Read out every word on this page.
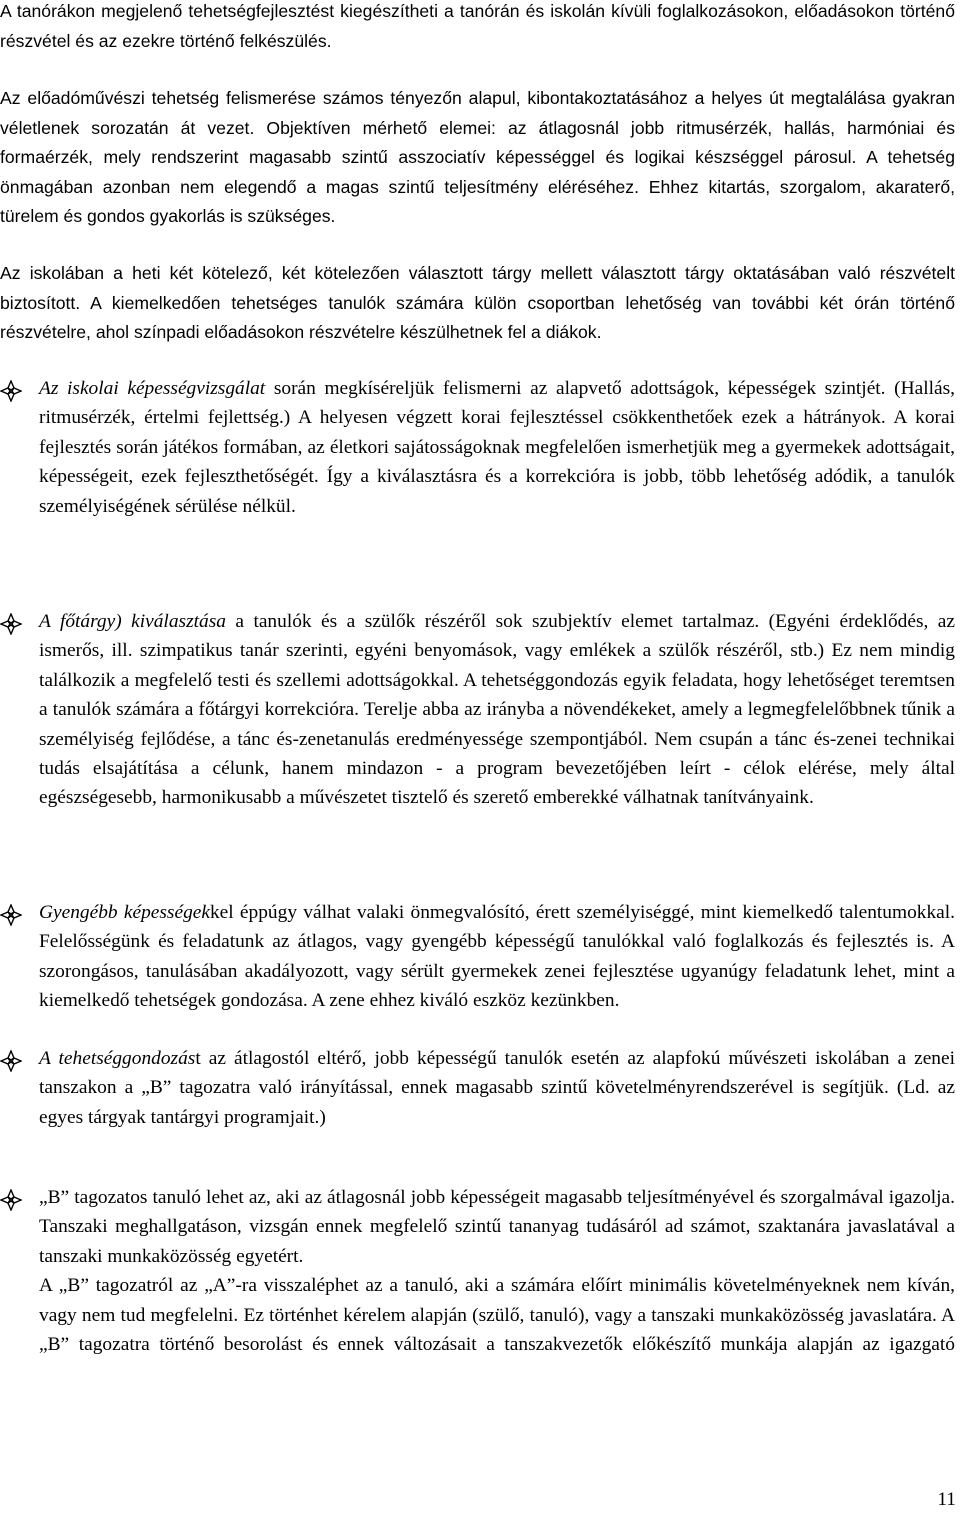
A tanórákon megjelenő tehetségfejlesztést kiegészítheti a tanórán és iskolán kívüli foglalkozásokon, előadásokon történő részvétel és az ezekre történő felkészülés.

Az előadóművészi tehetség felismerése számos tényezőn alapul, kibontakoztatásához a helyes út megtalálása gyakran véletlenek sorozatán át vezet. Objektíven mérhető elemei: az átlagosnál jobb ritmusérzék, hallás, harmóniai és formaérzék, mely rendszerint magasabb szintű asszociatív képességgel és logikai készséggel párosul. A tehetség önmagában azonban nem elegendő a magas szintű teljesítmény eléréséhez. Ehhez kitartás, szorgalom, akaraterő, türelem és gondos gyakorlás is szükséges.

Az iskolában a heti két kötelező, két kötelezően választott tárgy mellett választott tárgy oktatásában való részvételt biztosított. A kiemelkedően tehetséges tanulók számára külön csoportban lehetőség van további két órán történő részvételre, ahol színpadi előadásokon részvételre készülhetnek fel a diákok.

Az iskolai képességvizsgálat során megkíséreljük felismerni az alapvető adottságok, képességek szintjét. (Hallás, ritmusérzék, értelmi fejlettség.) A helyesen végzett korai fejlesztéssel csökkenthetőek ezek a hátrányok. A korai fejlesztés során játékos formában, az életkori sajátosságoknak megfelelően ismerhetjük meg a gyermekek adottságait, képességeit, ezek fejleszthetőségét. Így a kiválasztásra és a korrekcióra is jobb, több lehetőség adódik, a tanulók személyiségének sérülése nélkül.

A főtárgy) kiválasztása a tanulók és a szülők részéről sok szubjektív elemet tartalmaz. (Egyéni érdeklődés, az ismerős, ill. szimpatikus tanár szerinti, egyéni benyomások, vagy emlékek a szülők részéről, stb.) Ez nem mindig találkozik a megfelelő testi és szellemi adottságokkal. A tehetséggondozás egyik feladata, hogy lehetőséget teremtsen a tanulók számára a főtárgyi korrekcióra. Terelje abba az irányba a növendékeket, amely a legmegfelelőbbnek tűnik a személyiség fejlődése, a tánc és-zenetanulás eredményessége szempontjából. Nem csupán a tánc és-zenei technikai tudás elsajátítása a célunk, hanem mindazon - a program bevezetőjében leírt - célok elérése, mely által egészségesebb, harmonikusabb a művészetet tisztelő és szerető emberekké válhatnak tanítványaink.

Gyengébb képességekkel éppúgy válhat valaki önmegvalósító, érett személyiséggé, mint kiemelkedő talentumokkal. Felelősségünk és feladatunk az átlagos, vagy gyengébb képességű tanulókkal való foglalkozás és fejlesztés is. A szorongásos, tanulásában akadályozott, vagy sérült gyermekek zenei fejlesztése ugyanúgy feladatunk lehet, mint a kiemelkedő tehetségek gondozása. A zene ehhez kiváló eszköz kezünkben.

A tehetséggondozást az átlagostól eltérő, jobb képességű tanulók esetén az alapfokú művészeti iskolában a zenei tanszakon a „B” tagozatra való irányítással, ennek magasabb szintű követelményrendszerével is segítjük. (Ld. az egyes tárgyak tantárgyi programjait.)

„B” tagozatos tanuló lehet az, aki az átlagosnál jobb képességeit magasabb teljesítményével és szorgalmával igazolja. Tanszaki meghallgatáson, vizsgán ennek megfelelő szintű tananyag tudásáról ad számot, szaktanára javaslatával a tanszaki munkaközösség egyetért.

A „B” tagozatról az „A”-ra visszaléphet az a tanuló, aki a számára előírt minimális követelményeknek nem kíván, vagy nem tud megfelelni. Ez történhet kérelem alapján (szülő, tanuló), vagy a tanszaki munkaközösség javaslatára. A „B” tagozatra történő besorolást és ennek változásait a tanszakvezetők előkészítő munkája alapján az igazgató

11
